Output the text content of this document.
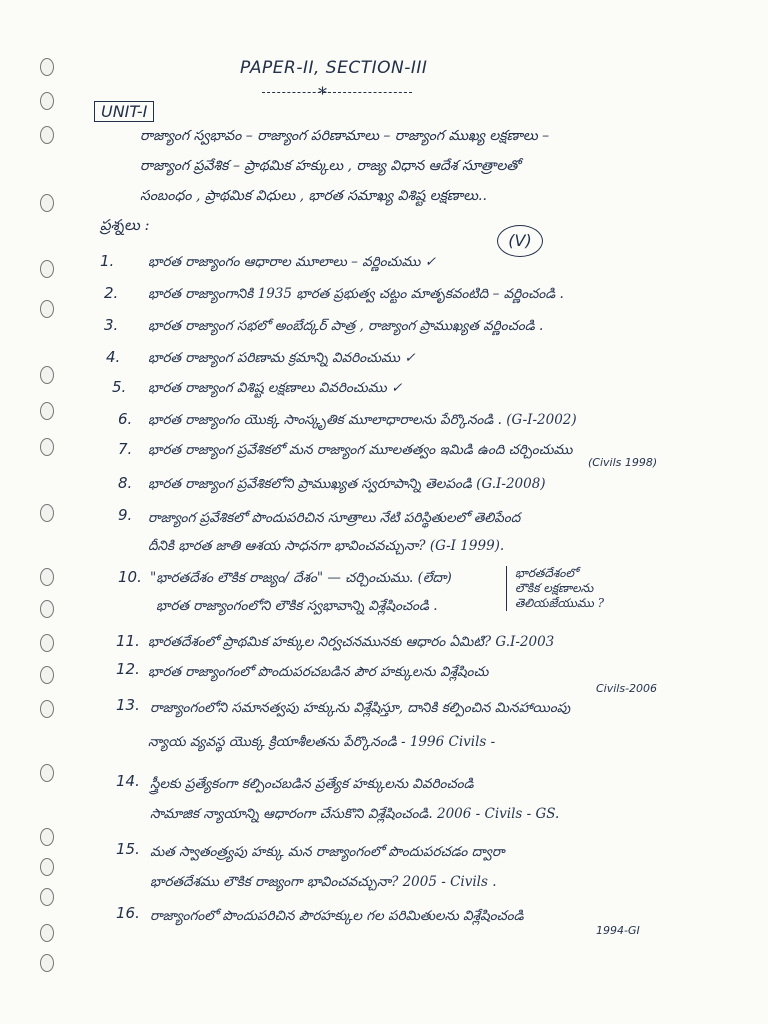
PAPER-II, SECTION-III
*
UNIT-I
రాజ్యాంగ స్వభావం – రాజ్యాంగ పరిణామాలు – రాజ్యాంగ ముఖ్య లక్షణాలు –
రాజ్యాంగ ప్రవేశిక – ప్రాథమిక హక్కులు , రాజ్య విధాన ఆదేశ సూత్రాలతో
సంబంధం , ప్రాథమిక విధులు , భారత సమాఖ్య విశిష్ట లక్షణాలు..
ప్రశ్నలు :
(V)
1. భారత రాజ్యాంగం ఆధారాల మూలాలు – వర్ణించుము ✓
2. భారత రాజ్యాంగానికి 1935 భారత ప్రభుత్వ చట్టం మాతృకవంటిది – వర్ణించండి .
3. భారత రాజ్యాంగ సభలో అంబేద్కర్ పాత్ర , రాజ్యాంగ ప్రాముఖ్యత వర్ణించండి .
4. భారత రాజ్యాంగ పరిణామ క్రమాన్ని వివరించుము ✓
5. భారత రాజ్యాంగ విశిష్ట లక్షణాలు వివరించుము ✓
6. భారత రాజ్యాంగం యొక్క సాంస్కృతిక మూలాధారాలను పేర్కొనండి . (G-I-2002)
7. భారత రాజ్యాంగ ప్రవేశికలో మన రాజ్యాంగ మూలతత్వం ఇమిడి ఉంది చర్చించుము
(Civils 1998)
8. భారత రాజ్యాంగ ప్రవేశికలోని ప్రాముఖ్యత స్వరూపాన్ని తెలపండి (G.I-2008)
9. రాజ్యాంగ ప్రవేశికలో పొందుపరిచిన సూత్రాలు నేటి పరిస్థితులలో తెలిపేంద
దీనికి భారత జాతి ఆశయ సాధనగా భావించవచ్చునా? (G-I 1999).
10. "భారతదేశం లౌకిక రాజ్యం/ దేశం" — చర్చించుము. (లేదా)
భారత రాజ్యాంగంలోని లౌకిక స్వభావాన్ని విశ్లేషించండి .
భారతదేశంలో
లౌకిక లక్షణాలను
తెలియజేయుము ?
11. భారతదేశంలో ప్రాథమిక హక్కుల నిర్వచనమునకు ఆధారం ఏమిటి? G.I-2003
12. భారత రాజ్యాంగంలో పొందుపరచబడిన పౌర హక్కులను విశ్లేషించు
Civils-2006
13. రాజ్యాంగంలోని సమానత్వపు హక్కును విశ్లేషిస్తూ, దానికి కల్పించిన మినహాయింపు
న్యాయ వ్యవస్థ యొక్క క్రియాశీలతను పేర్కొనండి - 1996 Civils -
14. స్త్రీలకు ప్రత్యేకంగా కల్పించబడిన ప్రత్యేక హక్కులను వివరించండి
సామాజిక న్యాయాన్ని ఆధారంగా చేసుకొని విశ్లేషించండి. 2006 - Civils - GS.
15. మత స్వాతంత్ర్యపు హక్కు మన రాజ్యాంగంలో పొందుపరచడం ద్వారా
భారతదేశము లౌకిక రాజ్యంగా భావించవచ్చునా? 2005 - Civils .
16. రాజ్యాంగంలో పొందుపరిచిన పౌరహక్కుల గల పరిమితులను విశ్లేషించండి
1994-GI
